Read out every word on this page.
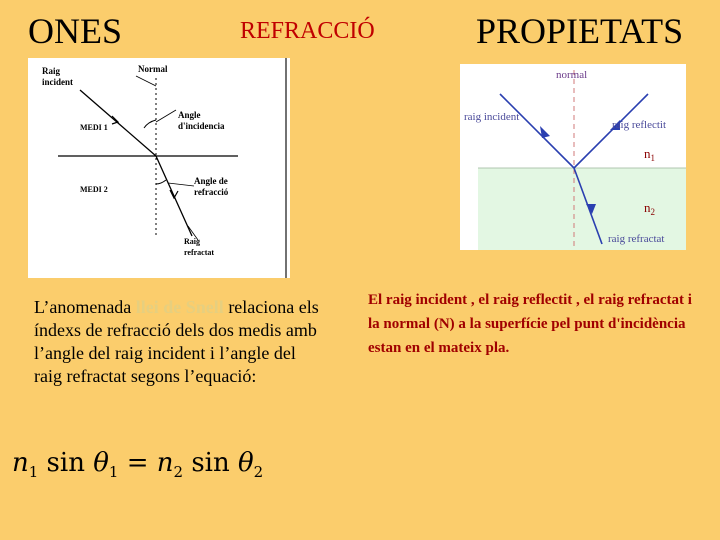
ONES	REFRACCIÓ	PROPIETATS
Raig incident
Normal
MEDI 1
MEDI 2
Angle d'incidencia
Angle de refracció
Raig refractat
normal
raig incident
raig reflectit
$n_1$
$n_2$
raig refractat
L’anomenada llei de Snell relaciona els índexs de refracció dels dos medis amb l’angle del raig incident i l’angle del raig refractat segons l’equació:
El raig incident , el raig reflectit , el raig refractat i la normal (N) a la superfície pel punt d'incidència estan en el mateix pla.
$n_1$ $\sin \theta_1 = n_2$ $\sin \theta_2$
